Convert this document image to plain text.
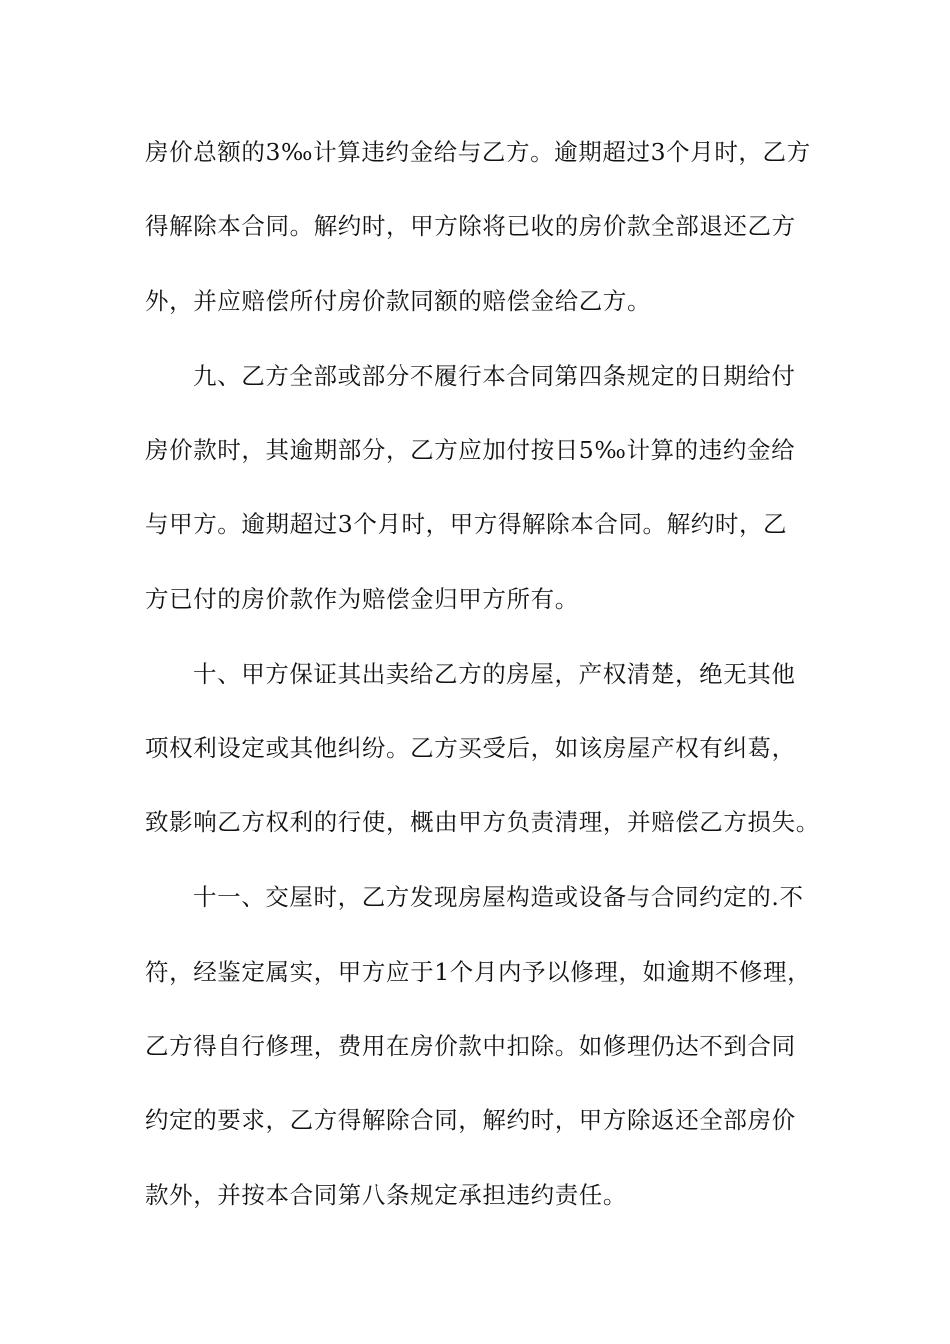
房价总额的3‰计算违约金给与乙方。逾期超过3个月时，乙方
得解除本合同。解约时，甲方除将已收的房价款全部退还乙方
外，并应赔偿所付房价款同额的赔偿金给乙方。
九、乙方全部或部分不履行本合同第四条规定的日期给付
房价款时，其逾期部分，乙方应加付按日5‰计算的违约金给
与甲方。逾期超过3个月时，甲方得解除本合同。解约时，乙
方已付的房价款作为赔偿金归甲方所有。
十、甲方保证其出卖给乙方的房屋，产权清楚，绝无其他
项权利设定或其他纠纷。乙方买受后，如该房屋产权有纠葛，
致影响乙方权利的行使，概由甲方负责清理，并赔偿乙方损失。
十一、交屋时，乙方发现房屋构造或设备与合同约定的.不
符，经鉴定属实，甲方应于1个月内予以修理，如逾期不修理，
乙方得自行修理，费用在房价款中扣除。如修理仍达不到合同
约定的要求，乙方得解除合同，解约时，甲方除返还全部房价
款外，并按本合同第八条规定承担违约责任。
